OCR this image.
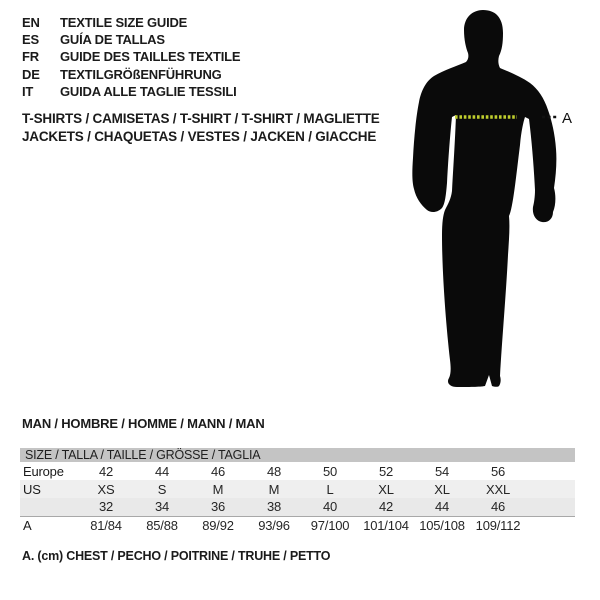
EN	TEXTILE SIZE GUIDE
ES	GUÍA DE TALLAS
FR	GUIDE DES TAILLES TEXTILE
DE	TEXTILGRÖßENFÜHRUNG
IT	GUIDA ALLE TAGLIE TESSILI
T-SHIRTS / CAMISETAS / T-SHIRT / T-SHIRT / MAGLIETTE
JACKETS / CHAQUETAS / VESTES / JACKEN / GIACCHE
A
MAN / HOMBRE / HOMME / MANN / MAN
SIZE / TALLA / TAILLE / GRÖSSE / TAGLIA									
Europe	42	44	46	48	50	52	54	56	
US	XS	S	M	M	L	XL	XL	XXL	
	32	34	36	38	40	42	44	46	
A	81/84	85/88	89/92	93/96	97/100	101/104	105/108	109/112	
A. (cm) CHEST / PECHO / POITRINE / TRUHE / PETTO
